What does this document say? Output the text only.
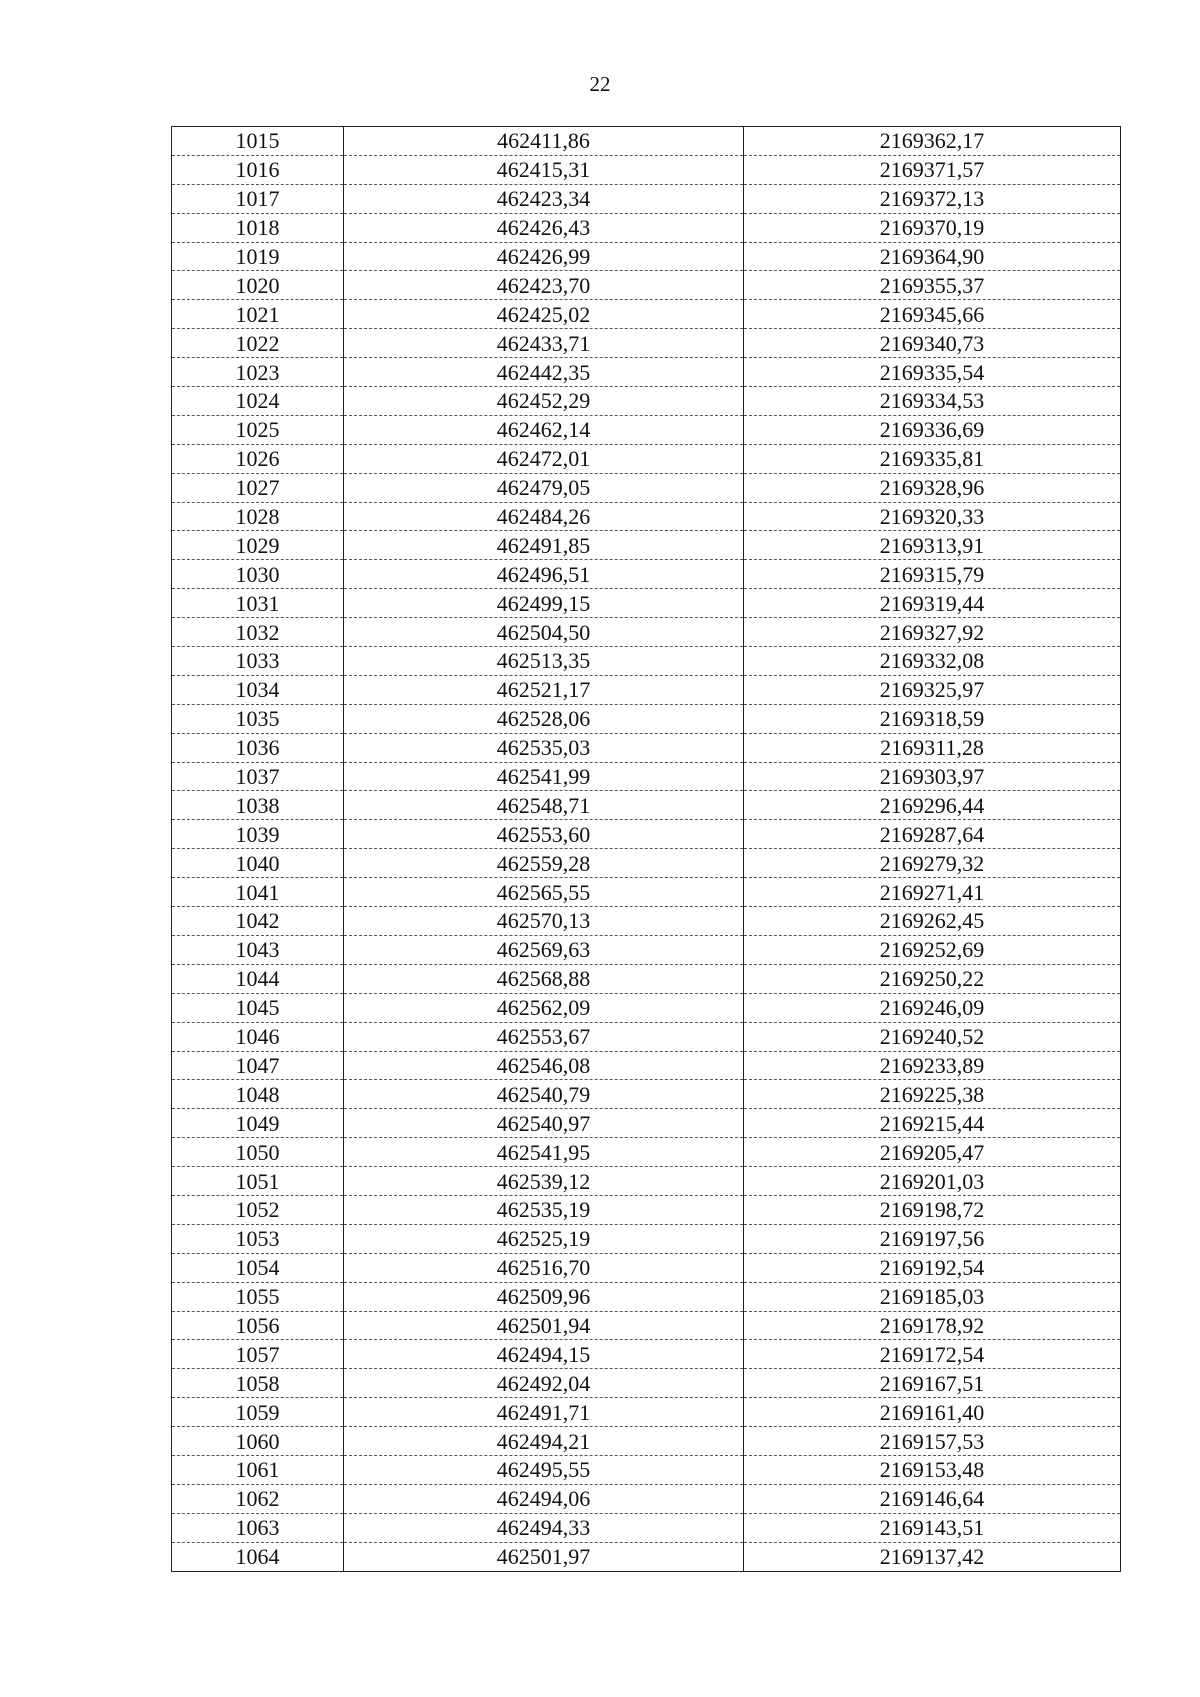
22
1015	462411,86	2169362,17
1016	462415,31	2169371,57
1017	462423,34	2169372,13
1018	462426,43	2169370,19
1019	462426,99	2169364,90
1020	462423,70	2169355,37
1021	462425,02	2169345,66
1022	462433,71	2169340,73
1023	462442,35	2169335,54
1024	462452,29	2169334,53
1025	462462,14	2169336,69
1026	462472,01	2169335,81
1027	462479,05	2169328,96
1028	462484,26	2169320,33
1029	462491,85	2169313,91
1030	462496,51	2169315,79
1031	462499,15	2169319,44
1032	462504,50	2169327,92
1033	462513,35	2169332,08
1034	462521,17	2169325,97
1035	462528,06	2169318,59
1036	462535,03	2169311,28
1037	462541,99	2169303,97
1038	462548,71	2169296,44
1039	462553,60	2169287,64
1040	462559,28	2169279,32
1041	462565,55	2169271,41
1042	462570,13	2169262,45
1043	462569,63	2169252,69
1044	462568,88	2169250,22
1045	462562,09	2169246,09
1046	462553,67	2169240,52
1047	462546,08	2169233,89
1048	462540,79	2169225,38
1049	462540,97	2169215,44
1050	462541,95	2169205,47
1051	462539,12	2169201,03
1052	462535,19	2169198,72
1053	462525,19	2169197,56
1054	462516,70	2169192,54
1055	462509,96	2169185,03
1056	462501,94	2169178,92
1057	462494,15	2169172,54
1058	462492,04	2169167,51
1059	462491,71	2169161,40
1060	462494,21	2169157,53
1061	462495,55	2169153,48
1062	462494,06	2169146,64
1063	462494,33	2169143,51
1064	462501,97	2169137,42
